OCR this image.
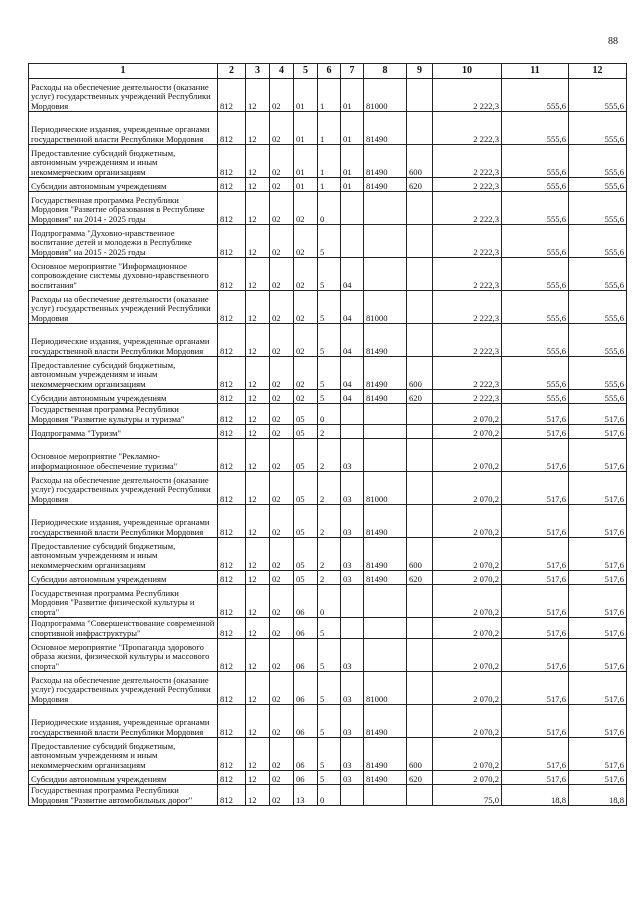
88
1	2	3	4	5	6	7	8	9	10	11	12
Расходы на обеспечение деятельности (оказание услуг) государственных учреждений Республики Мордовия	812	12	02	01	1	01	81000		2 222,3	555,6	555,6
Периодические издания, учрежденные органами государственной власти Республики Мордовия	812	12	02	01	1	01	81490		2 222,3	555,6	555,6
Предоставление субсидий бюджетным, автономным учреждениям и иным некоммерческим организациям	812	12	02	01	1	01	81490	600	2 222,3	555,6	555,6
Субсидии автономным учреждениям	812	12	02	01	1	01	81490	620	2 222,3	555,6	555,6
Государственная программа Республики Мордовия "Развитие образования в Республике Мордовия" на 2014 - 2025 годы	812	12	02	02	0				2 222,3	555,6	555,6
Подпрограмма "Духовно-нравственное воспитание детей и молодежи в Республике Мордовия" на 2015 - 2025 годы	812	12	02	02	5				2 222,3	555,6	555,6
Основное мероприятие "Информационное сопровождение системы духовно-нравственного воспитания"	812	12	02	02	5	04			2 222,3	555,6	555,6
Расходы на обеспечение деятельности (оказание услуг) государственных учреждений Республики Мордовия	812	12	02	02	5	04	81000		2 222,3	555,6	555,6
Периодические издания, учрежденные органами государственной власти Республики Мордовия	812	12	02	02	5	04	81490		2 222,3	555,6	555,6
Предоставление субсидий бюджетным, автономным учреждениям и иным некоммерческим организациям	812	12	02	02	5	04	81490	600	2 222,3	555,6	555,6
Субсидии автономным учреждениям	812	12	02	02	5	04	81490	620	2 222,3	555,6	555,6
Государственная программа Республики Мордовия "Развитие культуры и туризма"	812	12	02	05	0				2 070,2	517,6	517,6
Подпрограмма "Туризм"	812	12	02	05	2				2 070,2	517,6	517,6
Основное мероприятие "Рекламно-информационное обеспечение туризма"	812	12	02	05	2	03			2 070,2	517,6	517,6
Расходы на обеспечение деятельности (оказание услуг) государственных учреждений Республики Мордовия	812	12	02	05	2	03	81000		2 070,2	517,6	517,6
Периодические издания, учрежденные органами государственной власти Республики Мордовия	812	12	02	05	2	03	81490		2 070,2	517,6	517,6
Предоставление субсидий бюджетным, автономным учреждениям и иным некоммерческим организациям	812	12	02	05	2	03	81490	600	2 070,2	517,6	517,6
Субсидии автономным учреждениям	812	12	02	05	2	03	81490	620	2 070,2	517,6	517,6
Государственная программа Республики Мордовия "Развитие физической культуры и спорта"	812	12	02	06	0				2 070,2	517,6	517,6
Подпрограмма "Совершенствование современной спортивной инфраструктуры"	812	12	02	06	5				2 070,2	517,6	517,6
Основное мероприятие "Пропаганда здорового образа жизни, физической культуры и массового спорта"	812	12	02	06	5	03			2 070,2	517,6	517,6
Расходы на обеспечение деятельности (оказание услуг) государственных учреждений Республики Мордовия	812	12	02	06	5	03	81000		2 070,2	517,6	517,6
Периодические издания, учрежденные органами государственной власти Республики Мордовия	812	12	02	06	5	03	81490		2 070,2	517,6	517,6
Предоставление субсидий бюджетным, автономным учреждениям и иным некоммерческим организациям	812	12	02	06	5	03	81490	600	2 070,2	517,6	517,6
Субсидии автономным учреждениям	812	12	02	06	5	03	81490	620	2 070,2	517,6	517,6
Государственная программа Республики Мордовия "Развитие автомобильных дорог"	812	12	02	13	0				75,0	18,8	18,8
